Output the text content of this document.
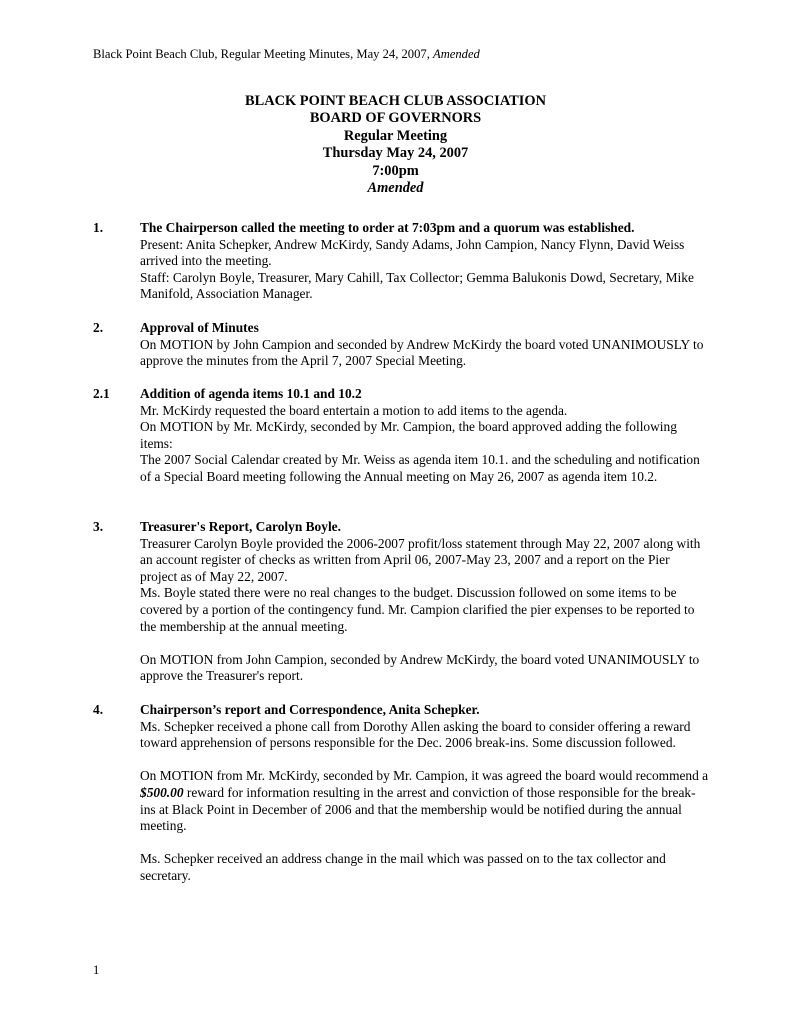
Black Point Beach Club, Regular Meeting Minutes, May 24, 2007, Amended
BLACK POINT BEACH CLUB ASSOCIATION
BOARD OF GOVERNORS
Regular Meeting
Thursday May 24, 2007
7:00pm
Amended
1.	The Chairperson called the meeting to order at 7:03pm and a quorum was established.
Present: Anita Schepker, Andrew McKirdy, Sandy Adams, John Campion, Nancy Flynn, David Weiss arrived into the meeting.
Staff: Carolyn Boyle, Treasurer, Mary Cahill, Tax Collector; Gemma Balukonis Dowd, Secretary, Mike Manifold, Association Manager.
2.	Approval of Minutes
On MOTION by John Campion and seconded by Andrew McKirdy the board voted UNANIMOUSLY to approve the minutes from the April 7, 2007 Special Meeting.
2.1 Addition of agenda items 10.1 and 10.2
Mr. McKirdy requested the board entertain a motion to add items to the agenda.
On MOTION by Mr. McKirdy, seconded by Mr. Campion, the board approved adding the following items:
The 2007 Social Calendar created by Mr. Weiss as agenda item 10.1. and the scheduling and notification of a Special Board meeting following the Annual meeting on May 26, 2007 as agenda item 10.2.
3.	Treasurer's Report, Carolyn Boyle.
Treasurer Carolyn Boyle provided the 2006-2007 profit/loss statement through May 22, 2007 along with an account register of checks as written from April 06, 2007-May 23, 2007 and a report on the Pier project as of May 22, 2007.
Ms. Boyle stated there were no real changes to the budget. Discussion followed on some items to be covered by a portion of the contingency fund. Mr. Campion clarified the pier expenses to be reported to the membership at the annual meeting.
On MOTION from John Campion, seconded by Andrew McKirdy, the board voted UNANIMOUSLY to approve the Treasurer's report.
4.	Chairperson’s report and Correspondence, Anita Schepker.
Ms. Schepker received a phone call from Dorothy Allen asking the board to consider offering a reward toward apprehension of persons responsible for the Dec. 2006 break-ins. Some discussion followed.
On MOTION from Mr. McKirdy, seconded by Mr. Campion, it was agreed the board would recommend a $500.00 reward for information resulting in the arrest and conviction of those responsible for the break-ins at Black Point in December of 2006 and that the membership would be notified during the annual meeting.
Ms. Schepker received an address change in the mail which was passed on to the tax collector and secretary.
1
